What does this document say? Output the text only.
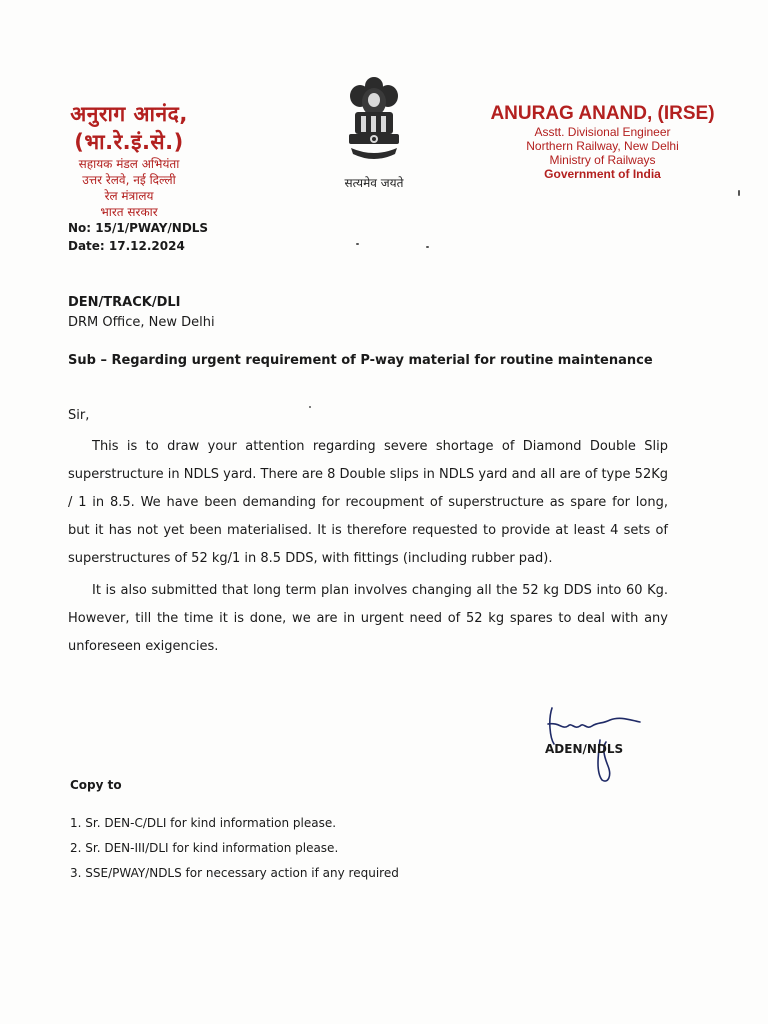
अनुराग आनंद, (भा.रे.इं.से.)
सहायक मंडल अभियंता
उत्तर रेलवे, नई दिल्ली
रेल मंत्रालय
भारत सरकार
सत्यमेव जयते
ANURAG ANAND, (IRSE)
Asstt. Divisional Engineer
Northern Railway, New Delhi
Ministry of Railways
Government of India
No: 15/1/PWAY/NDLS
Date: 17.12.2024
DEN/TRACK/DLI
DRM Office, New Delhi
Sub – Regarding urgent requirement of P-way material for routine maintenance
Sir,
This is to draw your attention regarding severe shortage of Diamond Double Slip superstructure in NDLS yard. There are 8 Double slips in NDLS yard and all are of type 52Kg / 1 in 8.5. We have been demanding for recoupment of superstructure as spare for long, but it has not yet been materialised. It is therefore requested to provide at least 4 sets of superstructures of 52 kg/1 in 8.5 DDS, with fittings (including rubber pad).
It is also submitted that long term plan involves changing all the 52 kg DDS into 60 Kg. However, till the time it is done, we are in urgent need of 52 kg spares to deal with any unforeseen exigencies.
ADEN/NDLS
Copy to
1. Sr. DEN-C/DLI for kind information please.
2. Sr. DEN-III/DLI for kind information please.
3. SSE/PWAY/NDLS for necessary action if any required
